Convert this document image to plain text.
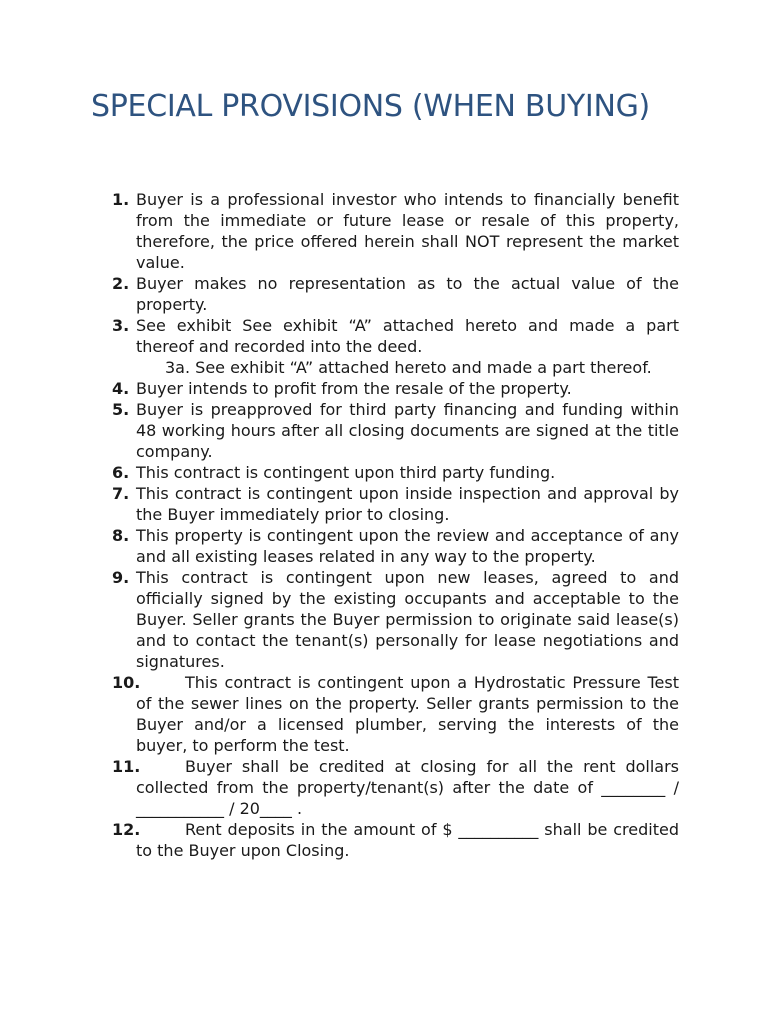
SPECIAL PROVISIONS (WHEN BUYING)
1. Buyer is a professional investor who intends to financially benefit from the immediate or future lease or resale of this property, therefore, the price offered herein shall NOT represent the market value.
2. Buyer makes no representation as to the actual value of the property.
3. See exhibit See exhibit “A” attached hereto and made a part thereof and recorded into the deed.
3a. See exhibit “A” attached hereto and made a part thereof.
4. Buyer intends to profit from the resale of the property.
5. Buyer is preapproved for third party financing and funding within 48 working hours after all closing documents are signed at the title company.
6. This contract is contingent upon third party funding.
7. This contract is contingent upon inside inspection and approval by the Buyer immediately prior to closing.
8. This property is contingent upon the review and acceptance of any and all existing leases related in any way to the property.
9. This contract is contingent upon new leases, agreed to and officially signed by the existing occupants and acceptable to the Buyer. Seller grants the Buyer permission to originate said lease(s) and to contact the tenant(s) personally for lease negotiations and signatures.
10.	This contract is contingent upon a Hydrostatic Pressure Test of the sewer lines on the property. Seller grants permission to the Buyer and/or a licensed plumber, serving the interests of the buyer, to perform the test.
11.	Buyer shall be credited at closing for all the rent dollars collected from the property/tenant(s) after the date of ________ / ___________ / 20____ .
12.	Rent deposits in the amount of $ __________ shall be credited to the Buyer upon Closing.
